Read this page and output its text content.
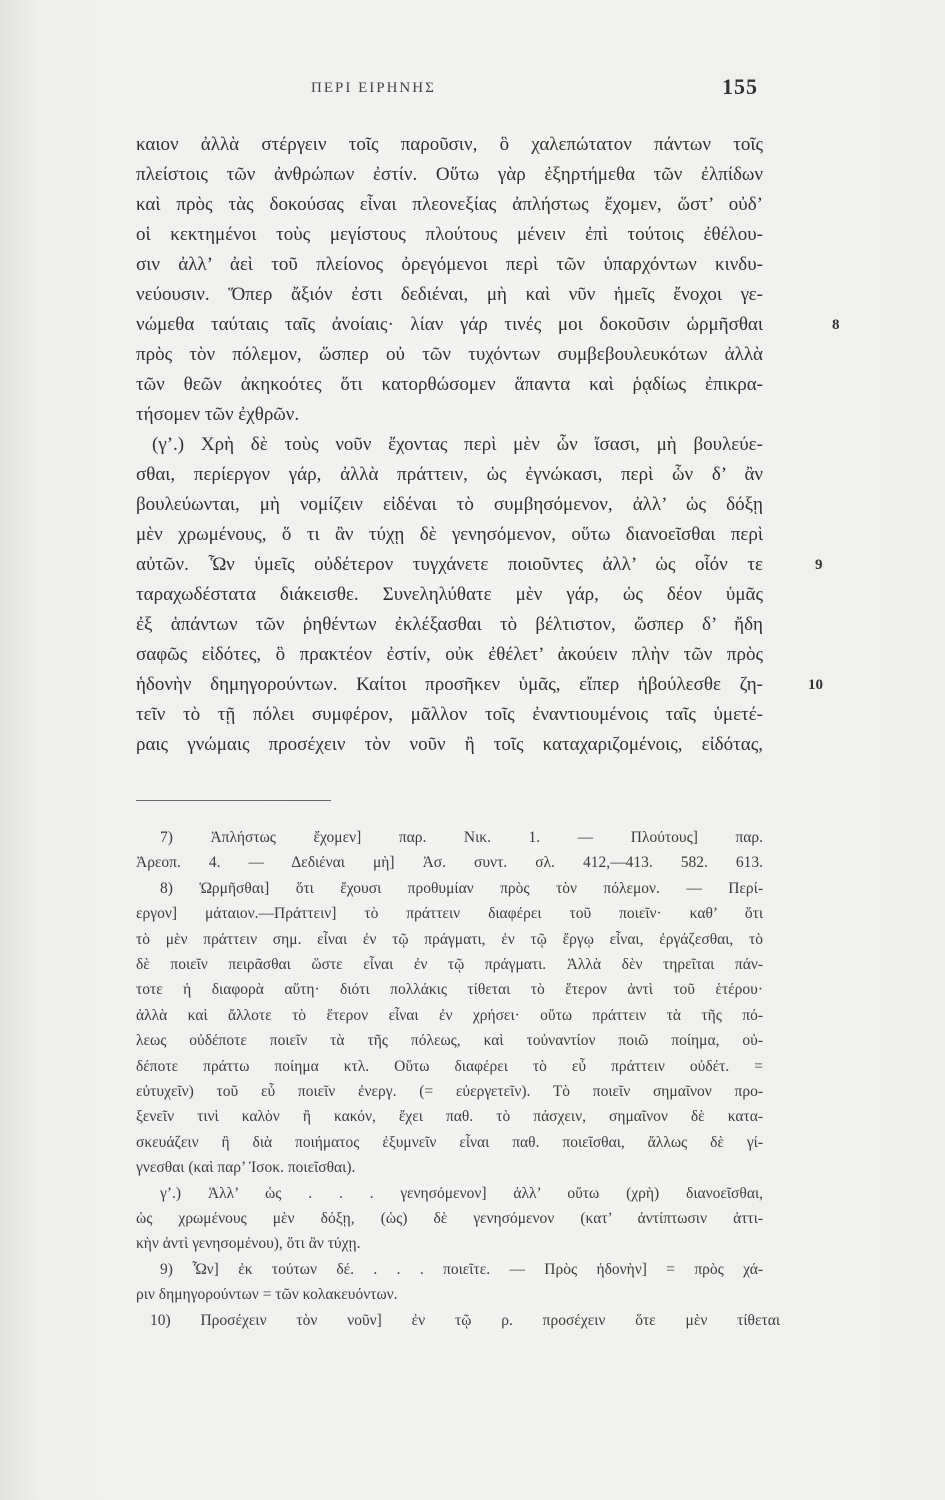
ΠΕΡΙ ΕΙΡΗΝΗΣ	155
καιον ἀλλὰ στέργειν τοῖς παροῦσιν, ὃ χαλεπώτατον πάντων τοῖς
πλείστοις τῶν ἀνθρώπων ἐστίν. Οὕτω γὰρ ἐξηρτήμεθα τῶν ἐλπίδων
καὶ πρὸς τὰς δοκούσας εἶναι πλεονεξίας ἀπλήστως ἔχομεν, ὥστ’ οὐδ’
οἱ κεκτημένοι τοὺς μεγίστους πλούτους μένειν ἐπὶ τούτοις ἐθέλου-
σιν ἀλλ’ ἀεὶ τοῦ πλείονος ὀρεγόμενοι περὶ τῶν ὑπαρχόντων κινδυ-
νεύουσιν. Ὅπερ ἄξιόν ἐστι δεδιέναι, μὴ καὶ νῦν ἡμεῖς ἔνοχοι γε-
νώμεθα ταύταις ταῖς ἀνοίαις· λίαν γάρ τινές μοι δοκοῦσιν ὡρμῆσθαι
πρὸς τὸν πόλεμον, ὥσπερ οὐ τῶν τυχόντων συμβεβουλευκότων ἀλλὰ
τῶν θεῶν ἀκηκοότες ὅτι κατορθώσομεν ἅπαντα καὶ ῥᾳδίως ἐπικρα-
τήσομεν τῶν ἐχθρῶν.
(γ’.) Χρὴ δὲ τοὺς νοῦν ἔχοντας περὶ μὲν ὧν ἴσασι, μὴ βουλεύε-
σθαι, περίεργον γάρ, ἀλλὰ πράττειν, ὡς ἐγνώκασι, περὶ ὧν δ’ ἂν
βουλεύωνται, μὴ νομίζειν εἰδέναι τὸ συμβησόμενον, ἀλλ’ ὡς δόξῃ
μὲν χρωμένους, ὅ τι ἂν τύχῃ δὲ γενησόμενον, οὕτω διανοεῖσθαι περὶ
αὐτῶν. Ὧν ὑμεῖς οὐδέτερον τυγχάνετε ποιοῦντες ἀλλ’ ὡς οἷόν τε
ταραχωδέστατα διάκεισθε. Συνεληλύθατε μὲν γάρ, ὡς δέον ὑμᾶς
ἐξ ἁπάντων τῶν ῥηθέντων ἐκλέξασθαι τὸ βέλτιστον, ὥσπερ δ’ ἤδη
σαφῶς εἰδότες, ὃ πρακτέον ἐστίν, οὐκ ἐθέλετ’ ἀκούειν πλὴν τῶν πρὸς
ἡδονὴν δημηγορούντων. Καίτοι προσῆκεν ὑμᾶς, εἴπερ ἠβούλεσθε ζη-
τεῖν τὸ τῇ πόλει συμφέρον, μᾶλλον τοῖς ἐναντιουμένοις ταῖς ὑμετέ-
ραις γνώμαις προσέχειν τὸν νοῦν ἢ τοῖς καταχαριζομένοις, εἰδότας,
8
9
10
7) Ἀπλήστως ἔχομεν] παρ. Νικ. 1. — Πλούτους] παρ.
Ἀρεοπ. 4. — Δεδιέναι μὴ] Ἀσ. συντ. σλ. 412,—413. 582. 613.
8) Ὡρμῆσθαι] ὅτι ἔχουσι προθυμίαν πρὸς τὸν πόλεμον. — Περί-
εργον] μάταιον.—Πράττειν] τὸ πράττειν διαφέρει τοῦ ποιεῖν· καθ’ ὅτι
τὸ μὲν πράττειν σημ. εἶναι ἐν τῷ πράγματι, ἐν τῷ ἔργῳ εἶναι, ἐργάζεσθαι, τὸ
δὲ ποιεῖν πειρᾶσθαι ὥστε εἶναι ἐν τῷ πράγματι. Ἀλλὰ δὲν τηρεῖται πάν-
τοτε ἡ διαφορὰ αὕτη· διότι πολλάκις τίθεται τὸ ἕτερον ἀντὶ τοῦ ἑτέρου·
ἀλλὰ καὶ ἄλλοτε τὸ ἕτερον εἶναι ἐν χρήσει· οὕτω πράττειν τὰ τῆς πό-
λεως οὐδέποτε ποιεῖν τὰ τῆς πόλεως, καὶ τοὐναντίον ποιῶ ποίημα, οὐ-
δέποτε πράττω ποίημα κτλ. Οὕτω διαφέρει τὸ εὖ πράττειν οὐδέτ. =
εὐτυχεῖν) τοῦ εὖ ποιεῖν ἐνεργ. (= εὐεργετεῖν). Τὸ ποιεῖν σημαῖνον προ-
ξενεῖν τινὶ καλὸν ἢ κακόν, ἔχει παθ. τὸ πάσχειν, σημαῖνον δὲ κατα-
σκευάζειν ἢ διὰ ποιήματος ἐξυμνεῖν εἶναι παθ. ποιεῖσθαι, ἄλλως δὲ γί-
γνεσθαι (καὶ παρ’ Ἰσοκ. ποιεῖσθαι).
γ’.) Ἀλλ’ ὡς . . . γενησόμενον] ἀλλ’ οὕτω (χρὴ) διανοεῖσθαι,
ὡς χρωμένους μὲν δόξῃ, (ὡς) δὲ γενησόμενον (κατ’ ἀντίπτωσιν ἀττι-
κὴν ἀντὶ γενησομένου), ὅτι ἂν τύχῃ.
9) Ὧν] ἐκ τούτων δέ. . . . ποιεῖτε. — Πρὸς ἡδονὴν] = πρὸς χά-
ριν δημηγορούντων = τῶν κολακευόντων.
10) Προσέχειν τὸν νοῦν] ἐν τῷ ρ. προσέχειν ὅτε μὲν τίθεται
